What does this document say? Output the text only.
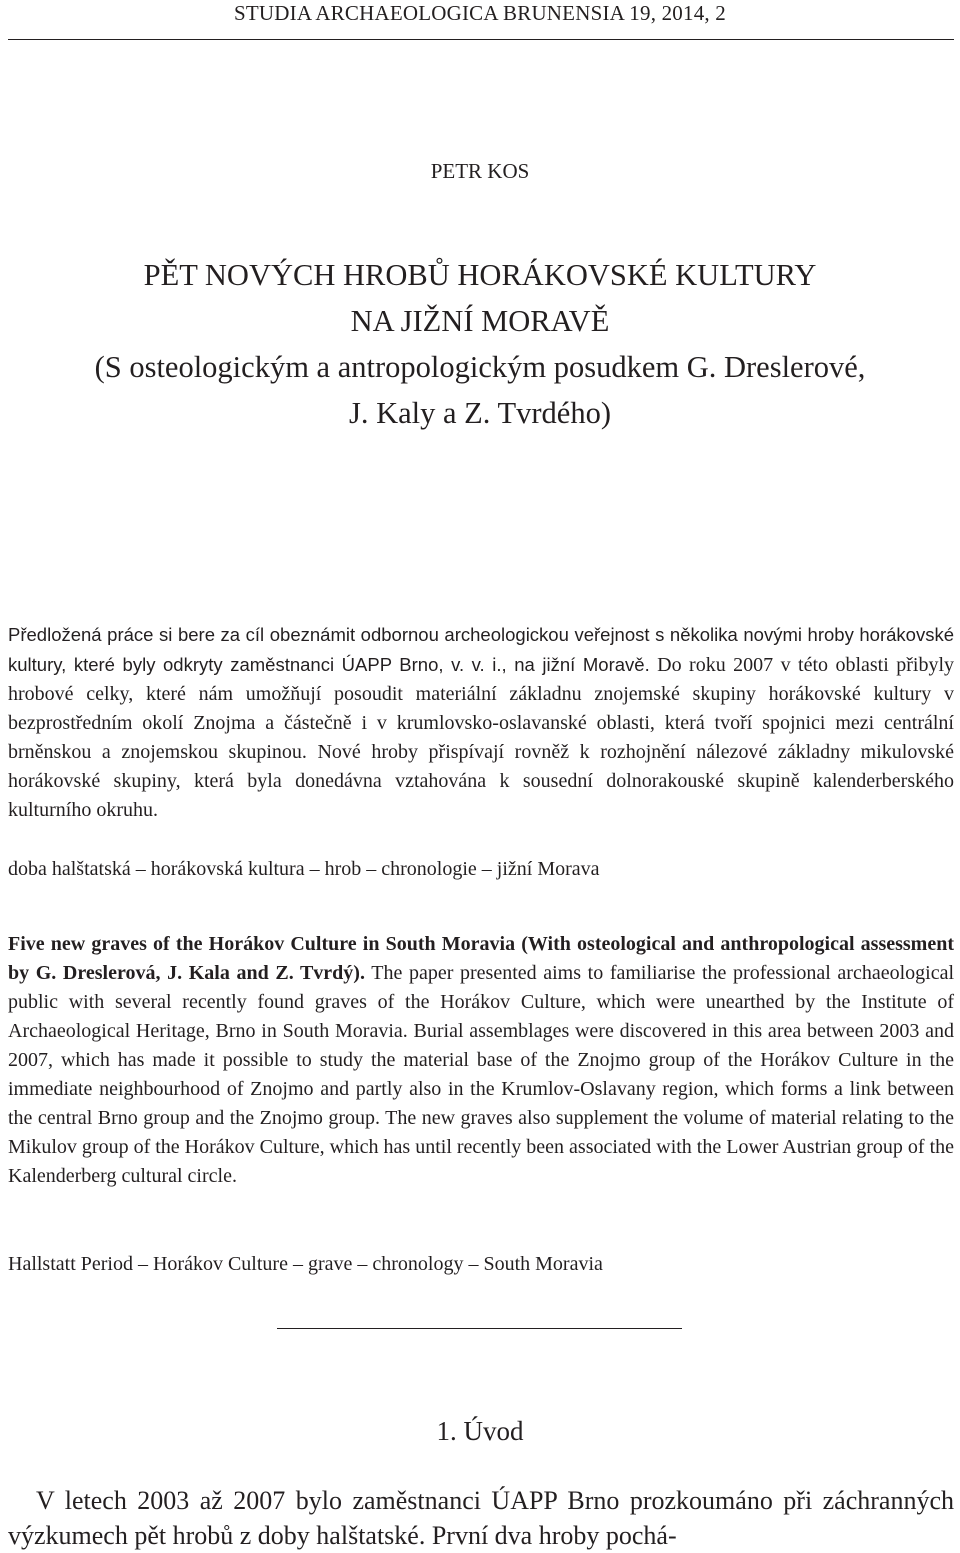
STUDIA ARCHAEOLOGICA BRUNENSIA 19, 2014, 2
PETR KOS
PĚT NOVÝCH HROBŮ HORÁKOVSKÉ KULTURY
NA JIŽNÍ MORAVĚ
(S osteologickým a antropologickým posudkem G. Dreslerové,
J. Kaly a Z. Tvrdého)

Předložená práce si bere za cíl obeznámit odbornou archeologickou veřejnost s několika novými hroby horákovské kultury, které byly odkryty zaměstnanci ÚAPP Brno, v. v. i., na jižní Moravě. Do roku 2007 v této oblasti přibyly hrobové celky, které nám umožňují posoudit materiální základnu znojemské skupiny horákovské kultury v bezprostředním okolí Znojma a částečně i v krumlovsko-oslavanské oblasti, která tvoří spojnici mezi centrální brněnskou a znojemskou skupinou. Nové hroby přispívají rovněž k rozhojnění nálezové základny mikulovské horákovské skupiny, která byla donedávna vztahována k sousední dolnorakouské skupině kalenderberského kulturního okruhu.

doba halštatská – horákovská kultura – hrob – chronologie – jižní Morava

Five new graves of the Horákov Culture in South Moravia (With osteological and anthropological assessment by G. Dreslerová, J. Kala and Z. Tvrdý). The paper presented aims to familiarise the professional archaeological public with several recently found graves of the Horákov Culture, which were unearthed by the Institute of Archaeological Heritage, Brno in South Moravia. Burial assemblages were discovered in this area between 2003 and 2007, which has made it possible to study the material base of the Znojmo group of the Horákov Culture in the immediate neighbourhood of Znojmo and partly also in the Krumlov-Oslavany region, which forms a link between the central Brno group and the Znojmo group. The new graves also supplement the volume of material relating to the Mikulov group of the Horákov Culture, which has until recently been associated with the Lower Austrian group of the Kalenderberg cultural circle.

Hallstatt Period – Horákov Culture – grave – chronology – South Moravia

1. Úvod

V letech 2003 až 2007 bylo zaměstnanci ÚAPP Brno prozkoumáno při záchranných výzkumech pět hrobů z doby halštatské. První dva hroby pochá-
